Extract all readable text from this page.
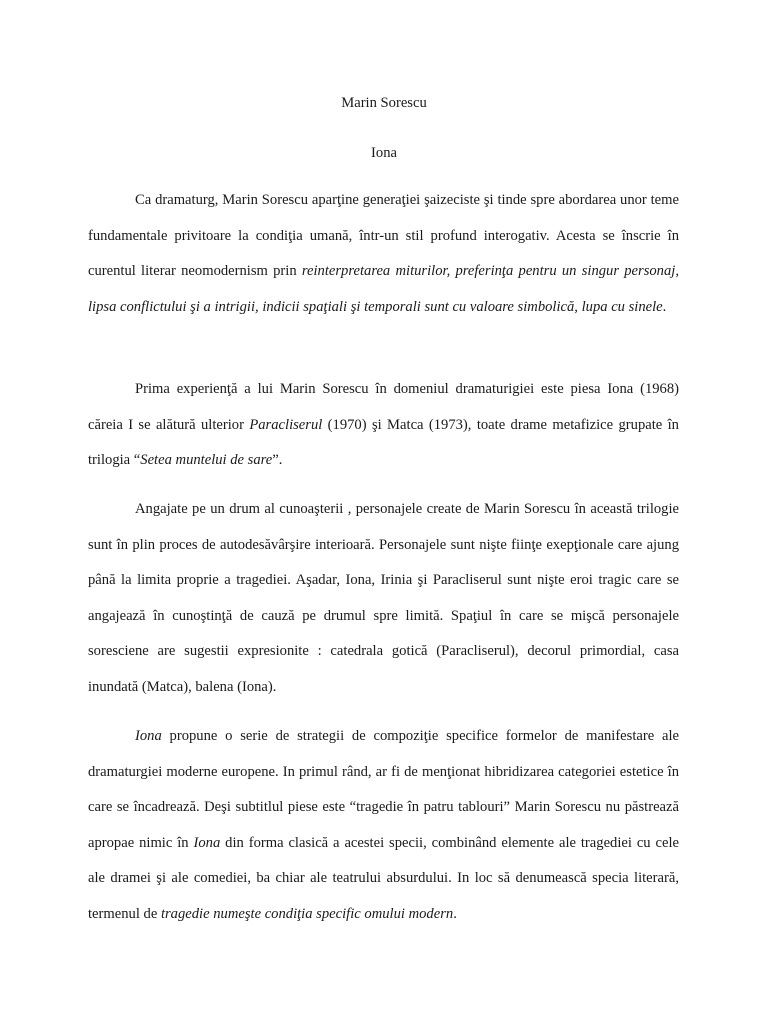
Marin Sorescu
Iona

Ca dramaturg, Marin Sorescu aparţine generaţiei şaizeciste şi tinde spre abordarea unor teme fundamentale privitoare la condiţia umană, într-un stil profund interogativ. Acesta se înscrie în curentul literar neomodernism prin reinterpretarea miturilor, preferinţa pentru un singur personaj, lipsa conflictului şi a intrigii, indicii spaţiali şi temporali sunt cu valoare simbolică, lupa cu sinele.

Prima experienţă a lui Marin Sorescu în domeniul dramaturigiei este piesa Iona (1968) căreia I se alătură ulterior Paracliserul (1970) şi Matca (1973), toate drame metafizice grupate în trilogia “Setea muntelui de sare”.

Angajate pe un drum al cunoaşterii , personajele create de Marin Sorescu în această trilogie sunt în plin proces de autodesăvârşire interioară. Personajele sunt nişte fiinţe exepţionale care ajung până la limita proprie a tragediei. Aşadar, Iona, Irinia şi Paracliserul sunt nişte eroi tragic care se angajează în cunoştinţă de cauză pe drumul spre limită. Spaţiul în care se mişcă personajele soresciene are sugestii expresionite : catedrala gotică (Paracliserul), decorul primordial, casa inundată (Matca), balena (Iona).

Iona propune o serie de strategii de compoziţie specifice formelor de manifestare ale dramaturgiei moderne europene. In primul rând, ar fi de menţionat hibridizarea categoriei estetice în care se încadrează. Deşi subtitlul piese este “tragedie în patru tablouri” Marin Sorescu nu păstrează apropae nimic în Iona din forma clasică a acestei specii, combinând elemente ale tragediei cu cele ale dramei şi ale comediei, ba chiar ale teatrului absurdului. In loc să denumească specia literară, termenul de tragedie numeşte condiţia specific omului modern.
